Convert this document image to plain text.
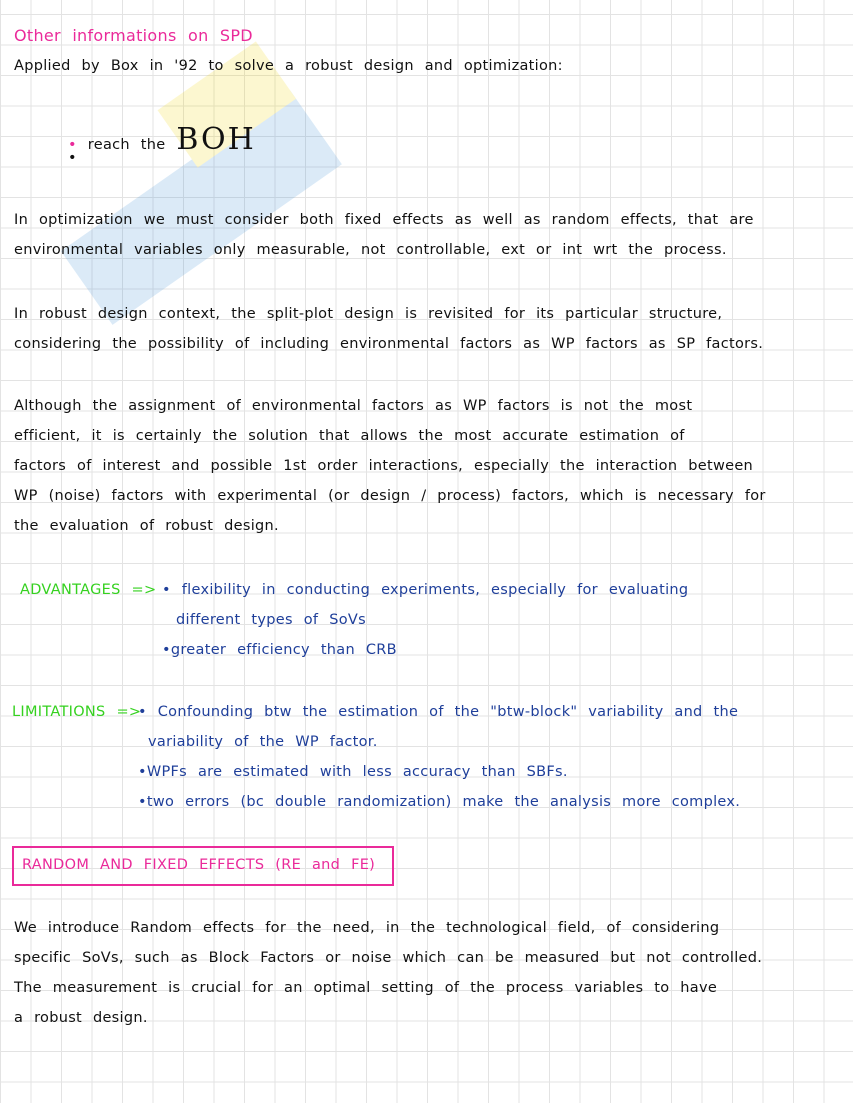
Other informations on SPD
Applied by Box in '92 to solve a robust design and optimization:
• reach the BOH
•
In optimization we must consider both fixed effects as well as random effects, that are
environmental variables only measurable, not controllable, ext or int wrt the process.
In robust design context, the split-plot design is revisited for its particular structure,
considering the possibility of including environmental factors as WP factors as SP factors.
Although the assignment of environmental factors as WP factors is not the most
efficient, it is certainly the solution that allows the most accurate estimation of
factors of interest and possible 1st order interactions, especially the interaction between
WP (noise) factors with experimental (or design / process) factors, which is necessary for
the evaluation of robust design.
ADVANTAGES => • flexibility in conducting experiments, especially for evaluating
different types of SoVs
•greater efficiency than CRB
LIMITATIONS =>
• Confounding btw the estimation of the "btw-block" variability and the
variability of the WP factor.
•WPFs are estimated with less accuracy than SBFs.
•two errors (bc double randomization) make the analysis more complex.
RANDOM AND FIXED EFFECTS (RE and FE)
We introduce Random effects for the need, in the technological field, of considering
specific SoVs, such as Block Factors or noise which can be measured but not controlled.
The measurement is crucial for an optimal setting of the process variables to have
a robust design.
